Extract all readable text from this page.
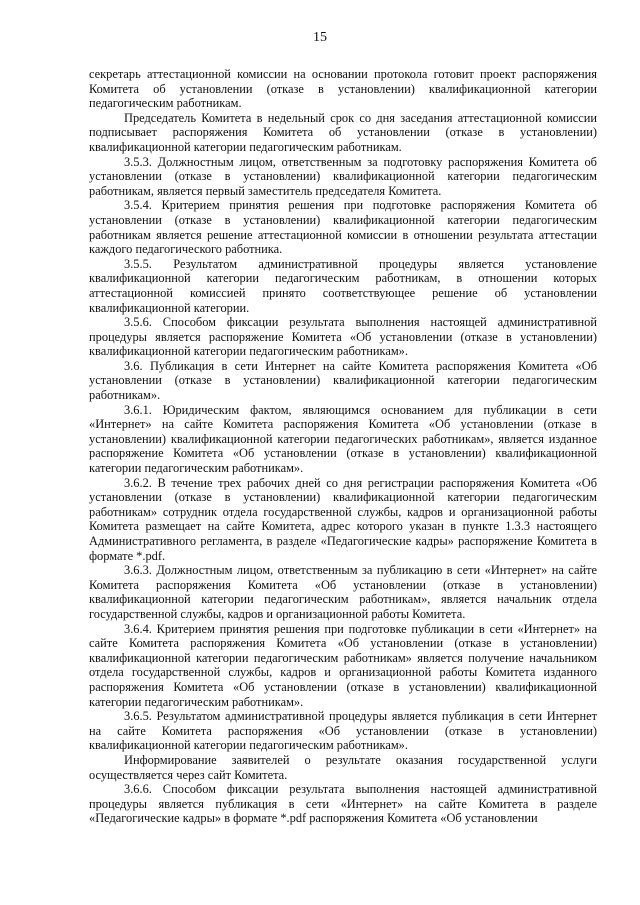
15

секретарь аттестационной комиссии на основании протокола готовит проект распоряжения Комитета об установлении (отказе в установлении) квалификационной категории педагогическим работникам.

Председатель Комитета в недельный срок со дня заседания аттестационной комиссии подписывает распоряжения Комитета об установлении (отказе в установлении) квалификационной категории педагогическим работникам.

3.5.3. Должностным лицом, ответственным за подготовку распоряжения Комитета об установлении (отказе в установлении) квалификационной категории педагогическим работникам, является первый заместитель председателя Комитета.

3.5.4. Критерием принятия решения при подготовке распоряжения Комитета об установлении (отказе в установлении) квалификационной категории педагогическим работникам является решение аттестационной комиссии в отношении результата аттестации каждого педагогического работника.

3.5.5. Результатом административной процедуры является установление квалификационной категории педагогическим работникам, в отношении которых аттестационной комиссией принято соответствующее решение об установлении квалификационной категории.

3.5.6. Способом фиксации результата выполнения настоящей административной процедуры является распоряжение Комитета «Об установлении (отказе в установлении) квалификационной категории педагогическим работникам».

3.6. Публикация в сети Интернет на сайте Комитета распоряжения Комитета «Об установлении (отказе в установлении) квалификационной категории педагогическим работникам».

3.6.1. Юридическим фактом, являющимся основанием для публикации в сети «Интернет» на сайте Комитета распоряжения Комитета «Об установлении (отказе в установлении) квалификационной категории педагогических работникам», является изданное распоряжение Комитета «Об установлении (отказе в установлении) квалификационной категории педагогическим работникам».

3.6.2. В течение трех рабочих дней со дня регистрации распоряжения Комитета «Об установлении (отказе в установлении) квалификационной категории педагогическим работникам» сотрудник отдела государственной службы, кадров и организационной работы Комитета размещает на сайте Комитета, адрес которого указан в пункте 1.3.3 настоящего Административного регламента, в разделе «Педагогические кадры» распоряжение Комитета в формате *.pdf.

3.6.3. Должностным лицом, ответственным за публикацию в сети «Интернет» на сайте Комитета распоряжения Комитета «Об установлении (отказе в установлении) квалификационной категории педагогическим работникам», является начальник отдела государственной службы, кадров и организационной работы Комитета.

3.6.4. Критерием принятия решения при подготовке публикации в сети «Интернет» на сайте Комитета распоряжения Комитета «Об установлении (отказе в установлении) квалификационной категории педагогическим работникам» является получение начальником отдела государственной службы, кадров и организационной работы Комитета изданного распоряжения Комитета «Об установлении (отказе в установлении) квалификационной категории педагогическим работникам».

3.6.5. Результатом административной процедуры является публикация в сети Интернет на сайте Комитета распоряжения «Об установлении (отказе в установлении) квалификационной категории педагогическим работникам».

Информирование заявителей о результате оказания государственной услуги осуществляется через сайт Комитета.

3.6.6. Способом фиксации результата выполнения настоящей административной процедуры является публикация в сети «Интернет» на сайте Комитета в разделе «Педагогические кадры» в формате *.pdf распоряжения Комитета «Об установлении
